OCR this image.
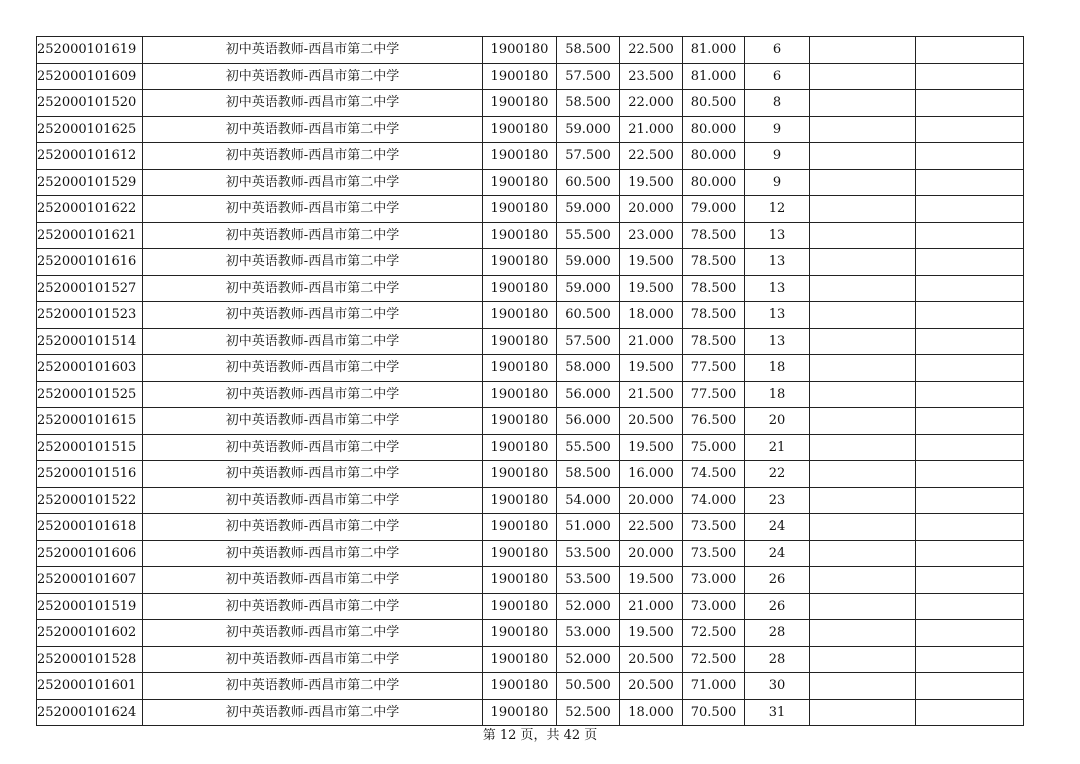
252000101619	初中英语教师-西昌市第二中学	1900180	58.500	22.500	81.000	6		
252000101609	初中英语教师-西昌市第二中学	1900180	57.500	23.500	81.000	6		
252000101520	初中英语教师-西昌市第二中学	1900180	58.500	22.000	80.500	8		
252000101625	初中英语教师-西昌市第二中学	1900180	59.000	21.000	80.000	9		
252000101612	初中英语教师-西昌市第二中学	1900180	57.500	22.500	80.000	9		
252000101529	初中英语教师-西昌市第二中学	1900180	60.500	19.500	80.000	9		
252000101622	初中英语教师-西昌市第二中学	1900180	59.000	20.000	79.000	12		
252000101621	初中英语教师-西昌市第二中学	1900180	55.500	23.000	78.500	13		
252000101616	初中英语教师-西昌市第二中学	1900180	59.000	19.500	78.500	13		
252000101527	初中英语教师-西昌市第二中学	1900180	59.000	19.500	78.500	13		
252000101523	初中英语教师-西昌市第二中学	1900180	60.500	18.000	78.500	13		
252000101514	初中英语教师-西昌市第二中学	1900180	57.500	21.000	78.500	13		
252000101603	初中英语教师-西昌市第二中学	1900180	58.000	19.500	77.500	18		
252000101525	初中英语教师-西昌市第二中学	1900180	56.000	21.500	77.500	18		
252000101615	初中英语教师-西昌市第二中学	1900180	56.000	20.500	76.500	20		
252000101515	初中英语教师-西昌市第二中学	1900180	55.500	19.500	75.000	21		
252000101516	初中英语教师-西昌市第二中学	1900180	58.500	16.000	74.500	22		
252000101522	初中英语教师-西昌市第二中学	1900180	54.000	20.000	74.000	23		
252000101618	初中英语教师-西昌市第二中学	1900180	51.000	22.500	73.500	24		
252000101606	初中英语教师-西昌市第二中学	1900180	53.500	20.000	73.500	24		
252000101607	初中英语教师-西昌市第二中学	1900180	53.500	19.500	73.000	26		
252000101519	初中英语教师-西昌市第二中学	1900180	52.000	21.000	73.000	26		
252000101602	初中英语教师-西昌市第二中学	1900180	53.000	19.500	72.500	28		
252000101528	初中英语教师-西昌市第二中学	1900180	52.000	20.500	72.500	28		
252000101601	初中英语教师-西昌市第二中学	1900180	50.500	20.500	71.000	30		
252000101624	初中英语教师-西昌市第二中学	1900180	52.500	18.000	70.500	31		
第 12 页，共 42 页
